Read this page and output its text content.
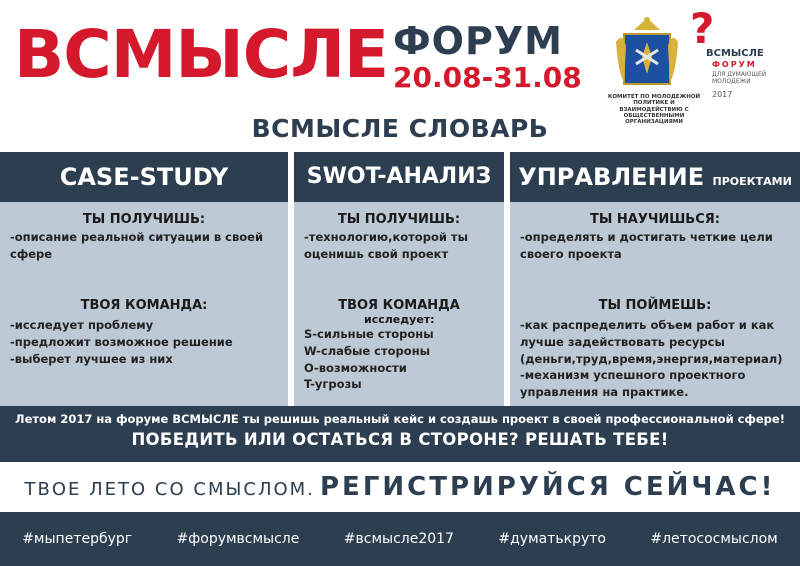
ВСМЫСЛЕ ФОРУМ
20.08-31.08
КОМИТЕТ ПО МОЛОДЕЖНОЙ ПОЛИТИКЕ И ВЗАИМОДЕЙСТВИЮ С ОБЩЕСТВЕННЫМИ ОРГАНИЗАЦИЯМИ
?
ВСМЫСЛЕ
ФОРУМ
ДЛЯ ДУМАЮЩЕЙ МОЛОДЕЖИ
2017
ВСМЫСЛЕ СЛОВАРЬ
CASE-STUDY
ТЫ ПОЛУЧИШЬ:
-описание реальной ситуации в своей
сфере
ТВОЯ КОМАНДА:
-исследует проблему
-предложит возможное решение
-выберет лучшее из них
SWOT-АНАЛИЗ
ТЫ ПОЛУЧИШЬ:
-технологию,которой ты
оценишь свой проект
ТВОЯ КОМАНДА
исследует:
S-сильные стороны
W-слабые стороны
O-возможности
T-угрозы
УПРАВЛЕНИЕ ПРОЕКТАМИ
ТЫ НАУЧИШЬСЯ:
-определять и достигать четкие цели
своего проекта
ТЫ ПОЙМЕШЬ:
-как распределить объем работ и как
лучше задействовать ресурсы
(деньги,труд,время,энергия,материал)
-механизм успешного проектного
управления на практике.
Летом 2017 на форуме ВСМЫСЛЕ ты решишь реальный кейс и создашь проект в своей профессиональной сфере!
ПОБЕДИТЬ ИЛИ ОСТАТЬСЯ В СТОРОНЕ? РЕШАТЬ ТЕБЕ!
ТВОЕ ЛЕТО СО СМЫСЛОМ. РЕГИСТРИРУЙСЯ СЕЙЧАС!
#мыпетербург	#форумвсмысле	#всмысле2017	#думатькруто	#летососмыслом
